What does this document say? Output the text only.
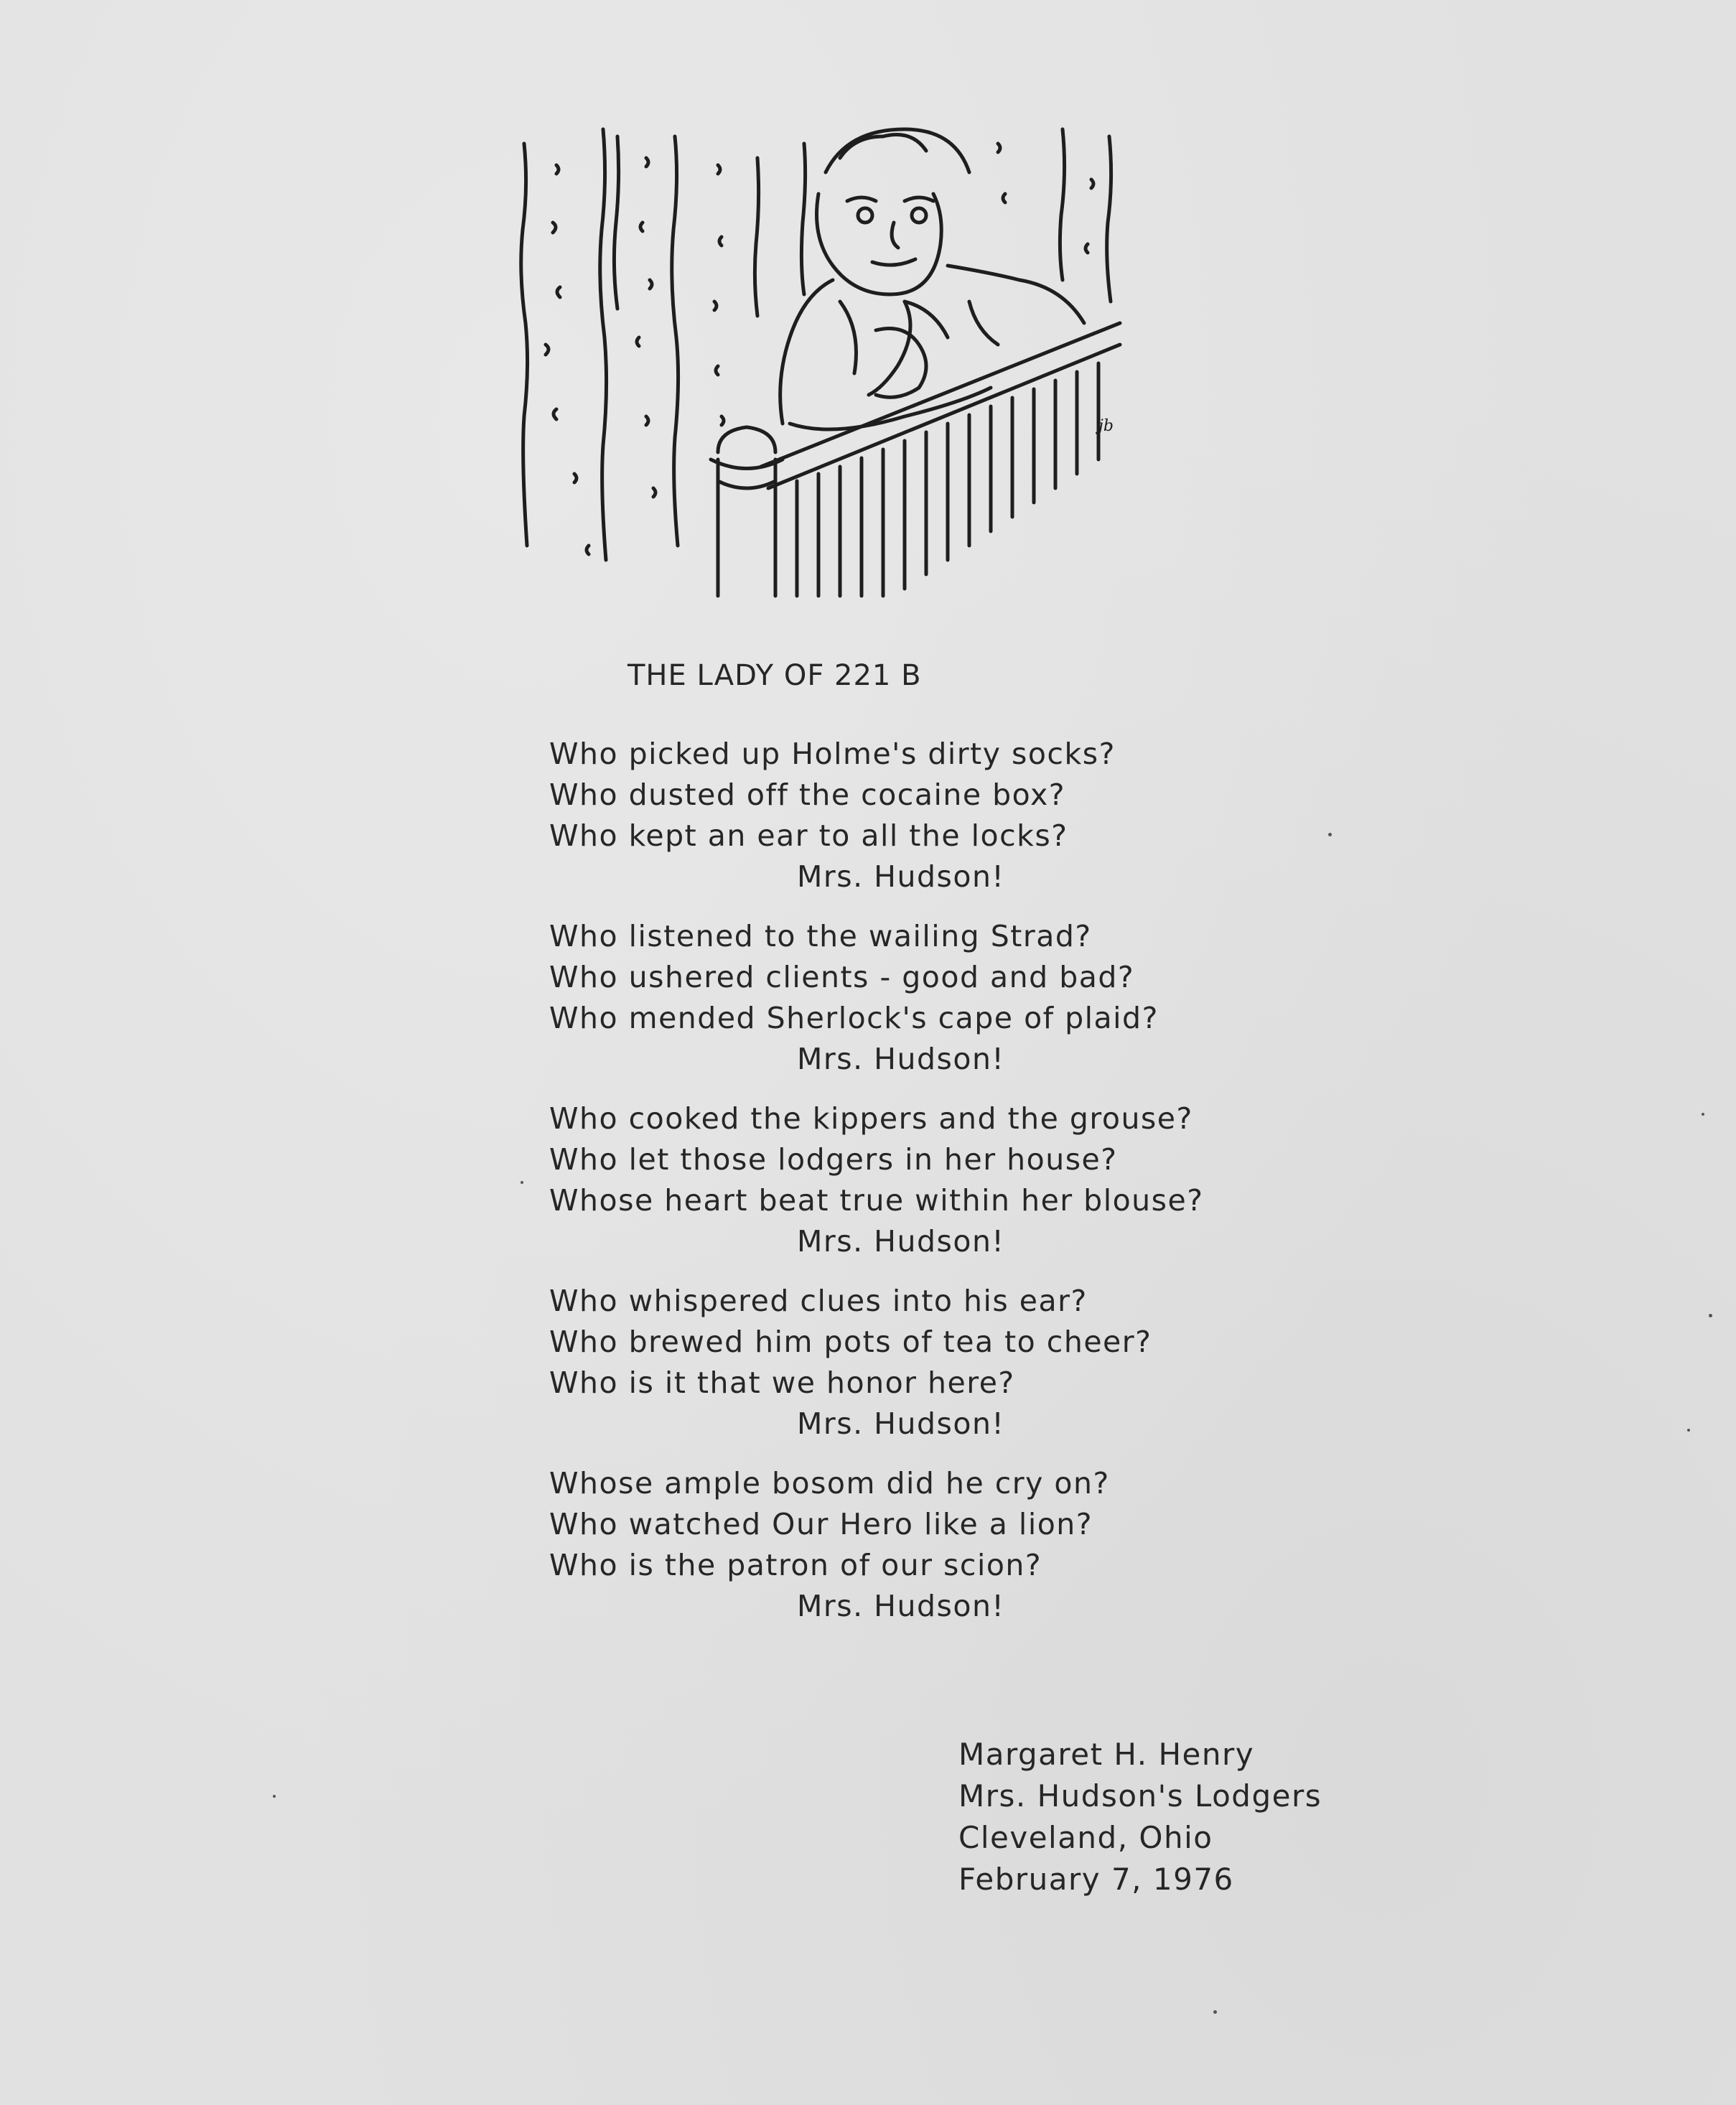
jb
THE LADY OF 221 B
Who picked up Holme's dirty socks?
Who dusted off the cocaine box?
Who kept an ear to all the locks?
Mrs. Hudson!
Who listened to the wailing Strad?
Who ushered clients - good and bad?
Who mended Sherlock's cape of plaid?
Mrs. Hudson!
Who cooked the kippers and the grouse?
Who let those lodgers in her house?
Whose heart beat true within her blouse?
Mrs. Hudson!
Who whispered clues into his ear?
Who brewed him pots of tea to cheer?
Who is it that we honor here?
Mrs. Hudson!
Whose ample bosom did he cry on?
Who watched Our Hero like a lion?
Who is the patron of our scion?
Mrs. Hudson!
Margaret H. Henry
Mrs. Hudson's Lodgers
Cleveland, Ohio
February 7, 1976
